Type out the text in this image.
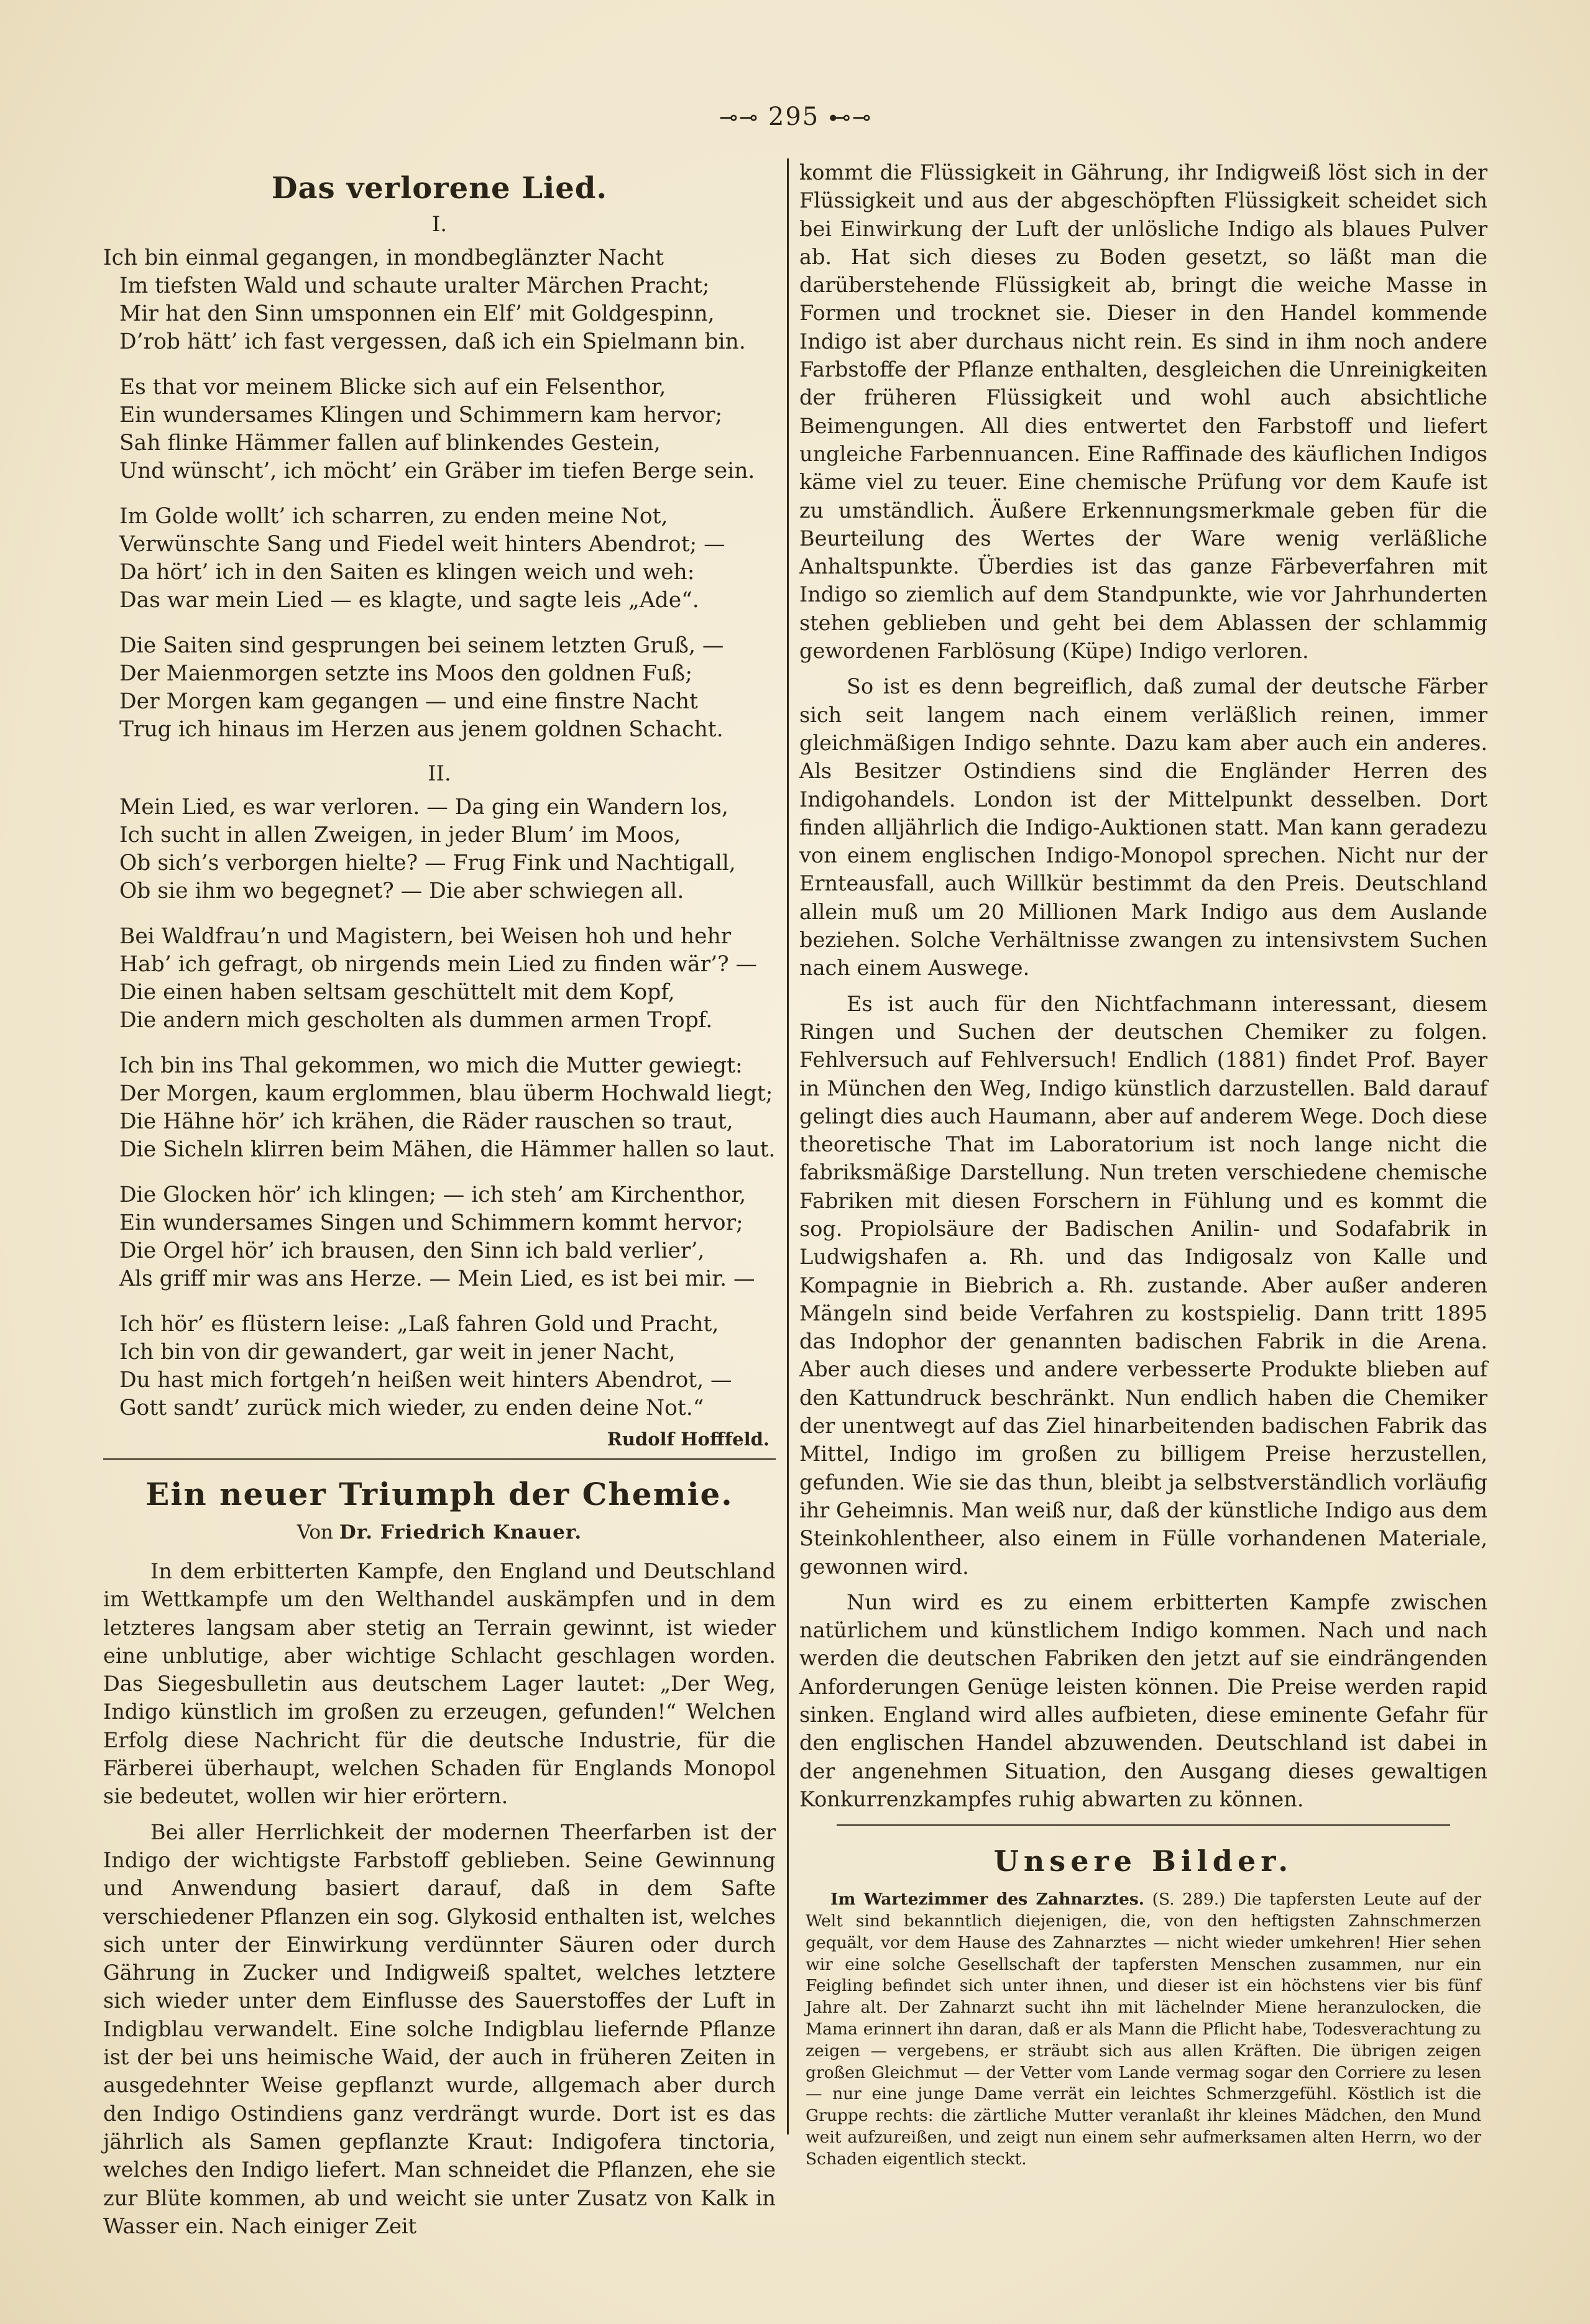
⊸⊸ 295 ⊷⊸
Das verlorene Lied.
I.
Ich bin einmal gegangen, in mondbeglänzter Nacht
Im tiefsten Wald und schaute uralter Märchen Pracht;
Mir hat den Sinn umsponnen ein Elf’ mit Goldgespinn,
D’rob hätt’ ich fast vergessen, daß ich ein Spielmann bin.
Es that vor meinem Blicke sich auf ein Felsenthor,
Ein wundersames Klingen und Schimmern kam hervor;
Sah flinke Hämmer fallen auf blinkendes Gestein,
Und wünscht’, ich möcht’ ein Gräber im tiefen Berge sein.
Im Golde wollt’ ich scharren, zu enden meine Not,
Verwünschte Sang und Fiedel weit hinters Abendrot; —
Da hört’ ich in den Saiten es klingen weich und weh:
Das war mein Lied — es klagte, und sagte leis „Ade“.
Die Saiten sind gesprungen bei seinem letzten Gruß, —
Der Maienmorgen setzte ins Moos den goldnen Fuß;
Der Morgen kam gegangen — und eine finstre Nacht
Trug ich hinaus im Herzen aus jenem goldnen Schacht.
II.
Mein Lied, es war verloren. — Da ging ein Wandern los,
Ich sucht in allen Zweigen, in jeder Blum’ im Moos,
Ob sich’s verborgen hielte? — Frug Fink und Nachtigall,
Ob sie ihm wo begegnet? — Die aber schwiegen all.
Bei Waldfrau’n und Magistern, bei Weisen hoh und hehr
Hab’ ich gefragt, ob nirgends mein Lied zu finden wär’? —
Die einen haben seltsam geschüttelt mit dem Kopf,
Die andern mich gescholten als dummen armen Tropf.
Ich bin ins Thal gekommen, wo mich die Mutter gewiegt:
Der Morgen, kaum erglommen, blau überm Hochwald liegt;
Die Hähne hör’ ich krähen, die Räder rauschen so traut,
Die Sicheln klirren beim Mähen, die Hämmer hallen so laut.
Die Glocken hör’ ich klingen; — ich steh’ am Kirchenthor,
Ein wundersames Singen und Schimmern kommt hervor;
Die Orgel hör’ ich brausen, den Sinn ich bald verlier’,
Als griff mir was ans Herze. — Mein Lied, es ist bei mir. —
Ich hör’ es flüstern leise: „Laß fahren Gold und Pracht,
Ich bin von dir gewandert, gar weit in jener Nacht,
Du hast mich fortgeh’n heißen weit hinters Abendrot, —
Gott sandt’ zurück mich wieder, zu enden deine Not.“
Rudolf Hofffeld.
Ein neuer Triumph der Chemie.
Von Dr. Friedrich Knauer.

In dem erbitterten Kampfe, den England und Deutschland im Wettkampfe um den Welthandel auskämpfen und in dem letzteres langsam aber stetig an Terrain gewinnt, ist wieder eine unblutige, aber wichtige Schlacht geschlagen worden. Das Siegesbulletin aus deutschem Lager lautet: „Der Weg, Indigo künstlich im großen zu erzeugen, gefunden!“ Welchen Erfolg diese Nachricht für die deutsche Industrie, für die Färberei überhaupt, welchen Schaden für Englands Monopol sie bedeutet, wollen wir hier erörtern.

Bei aller Herrlichkeit der modernen Theerfarben ist der Indigo der wichtigste Farbstoff geblieben. Seine Gewinnung und Anwendung basiert darauf, daß in dem Safte verschiedener Pflanzen ein sog. Glykosid enthalten ist, welches sich unter der Einwirkung verdünnter Säuren oder durch Gährung in Zucker und Indigweiß spaltet, welches letztere sich wieder unter dem Einflusse des Sauerstoffes der Luft in Indigblau verwandelt. Eine solche Indigblau liefernde Pflanze ist der bei uns heimische Waid, der auch in früheren Zeiten in ausgedehnter Weise gepflanzt wurde, allgemach aber durch den Indigo Ostindiens ganz verdrängt wurde. Dort ist es das jährlich als Samen gepflanzte Kraut: Indigofera tinctoria, welches den Indigo liefert. Man schneidet die Pflanzen, ehe sie zur Blüte kommen, ab und weicht sie unter Zusatz von Kalk in Wasser ein. Nach einiger Zeit

kommt die Flüssigkeit in Gährung, ihr Indigweiß löst sich in der Flüssigkeit und aus der abgeschöpften Flüssigkeit scheidet sich bei Einwirkung der Luft der unlösliche Indigo als blaues Pulver ab. Hat sich dieses zu Boden gesetzt, so läßt man die darüberstehende Flüssigkeit ab, bringt die weiche Masse in Formen und trocknet sie. Dieser in den Handel kommende Indigo ist aber durchaus nicht rein. Es sind in ihm noch andere Farbstoffe der Pflanze enthalten, desgleichen die Unreinigkeiten der früheren Flüssigkeit und wohl auch absichtliche Beimengungen. All dies entwertet den Farbstoff und liefert ungleiche Farbennuancen. Eine Raffinade des käuflichen Indigos käme viel zu teuer. Eine chemische Prüfung vor dem Kaufe ist zu umständlich. Äußere Erkennungsmerkmale geben für die Beurteilung des Wertes der Ware wenig verläßliche Anhaltspunkte. Überdies ist das ganze Färbeverfahren mit Indigo so ziemlich auf dem Standpunkte, wie vor Jahrhunderten stehen geblieben und geht bei dem Ablassen der schlammig gewordenen Farblösung (Küpe) Indigo verloren.

So ist es denn begreiflich, daß zumal der deutsche Färber sich seit langem nach einem verläßlich reinen, immer gleichmäßigen Indigo sehnte. Dazu kam aber auch ein anderes. Als Besitzer Ostindiens sind die Engländer Herren des Indigohandels. London ist der Mittelpunkt desselben. Dort finden alljährlich die Indigo-Auktionen statt. Man kann geradezu von einem englischen Indigo-Monopol sprechen. Nicht nur der Ernteausfall, auch Willkür bestimmt da den Preis. Deutschland allein muß um 20 Millionen Mark Indigo aus dem Auslande beziehen. Solche Verhältnisse zwangen zu intensivstem Suchen nach einem Auswege.

Es ist auch für den Nichtfachmann interessant, diesem Ringen und Suchen der deutschen Chemiker zu folgen. Fehlversuch auf Fehlversuch! Endlich (1881) findet Prof. Bayer in München den Weg, Indigo künstlich darzustellen. Bald darauf gelingt dies auch Haumann, aber auf anderem Wege. Doch diese theoretische That im Laboratorium ist noch lange nicht die fabriksmäßige Darstellung. Nun treten verschiedene chemische Fabriken mit diesen Forschern in Fühlung und es kommt die sog. Propiolsäure der Badischen Anilin- und Sodafabrik in Ludwigshafen a. Rh. und das Indigosalz von Kalle und Kompagnie in Biebrich a. Rh. zustande. Aber außer anderen Mängeln sind beide Verfahren zu kostspielig. Dann tritt 1895 das Indophor der genannten badischen Fabrik in die Arena. Aber auch dieses und andere verbesserte Produkte blieben auf den Kattundruck beschränkt. Nun endlich haben die Chemiker der unentwegt auf das Ziel hinarbeitenden badischen Fabrik das Mittel, Indigo im großen zu billigem Preise herzustellen, gefunden. Wie sie das thun, bleibt ja selbstverständlich vorläufig ihr Geheimnis. Man weiß nur, daß der künstliche Indigo aus dem Steinkohlentheer, also einem in Fülle vorhandenen Materiale, gewonnen wird.

Nun wird es zu einem erbitterten Kampfe zwischen natürlichem und künstlichem Indigo kommen. Nach und nach werden die deutschen Fabriken den jetzt auf sie eindrängenden Anforderungen Genüge leisten können. Die Preise werden rapid sinken. England wird alles aufbieten, diese eminente Gefahr für den englischen Handel abzuwenden. Deutschland ist dabei in der angenehmen Situation, den Ausgang dieses gewaltigen Konkurrenzkampfes ruhig abwarten zu können.

Unsere Bilder.

Im Wartezimmer des Zahnarztes. (S. 289.) Die tapfersten Leute auf der Welt sind bekanntlich diejenigen, die, von den heftigsten Zahnschmerzen gequält, vor dem Hause des Zahnarztes — nicht wieder umkehren! Hier sehen wir eine solche Gesellschaft der tapfersten Menschen zusammen, nur ein Feigling befindet sich unter ihnen, und dieser ist ein höchstens vier bis fünf Jahre alt. Der Zahnarzt sucht ihn mit lächelnder Miene heranzulocken, die Mama erinnert ihn daran, daß er als Mann die Pflicht habe, Todesverachtung zu zeigen — vergebens, er sträubt sich aus allen Kräften. Die übrigen zeigen großen Gleichmut — der Vetter vom Lande vermag sogar den Corriere zu lesen — nur eine junge Dame verrät ein leichtes Schmerzgefühl. Köstlich ist die Gruppe rechts: die zärtliche Mutter veranlaßt ihr kleines Mädchen, den Mund weit aufzureißen, und zeigt nun einem sehr aufmerksamen alten Herrn, wo der Schaden eigentlich steckt.
